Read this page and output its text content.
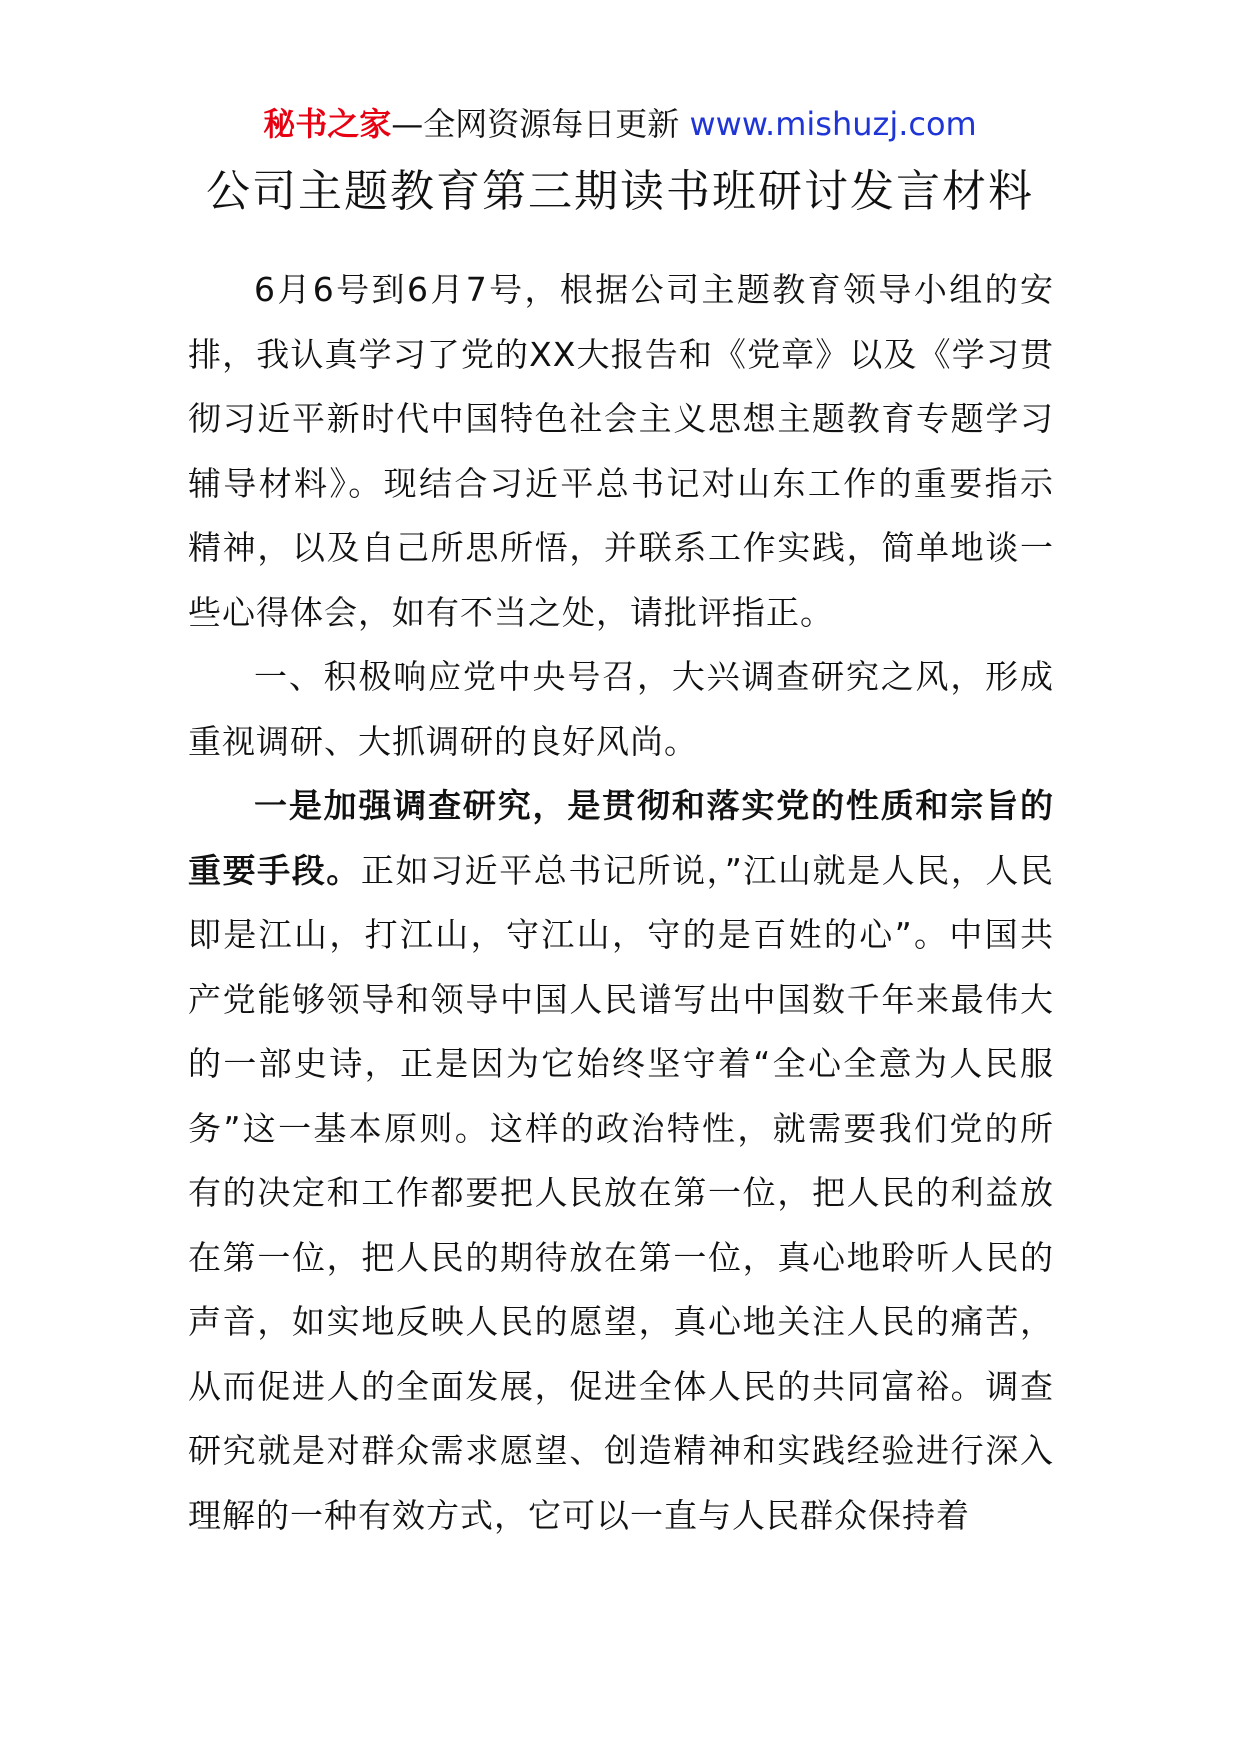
秘书之家—全网资源每日更新 www.mishuzj.com
公司主题教育第三期读书班研讨发言材料

6月6号到6月7号，根据公司主题教育领导小组的安排，我认真学习了党的XX大报告和《党章》以及《学习贯彻习近平新时代中国特色社会主义思想主题教育专题学习辅导材料》。现结合习近平总书记对山东工作的重要指示精神，以及自己所思所悟，并联系工作实践，简单地谈一些心得体会，如有不当之处，请批评指正。

一、积极响应党中央号召，大兴调查研究之风，形成重视调研、大抓调研的良好风尚。

一是加强调查研究，是贯彻和落实党的性质和宗旨的重要手段。正如习近平总书记所说，”江山就是人民，人民即是江山，打江山，守江山，守的是百姓的心”。中国共产党能够领导和领导中国人民谱写出中国数千年来最伟大的一部史诗，正是因为它始终坚守着“全心全意为人民服务”这一基本原则。这样的政治特性，就需要我们党的所有的决定和工作都要把人民放在第一位，把人民的利益放在第一位，把人民的期待放在第一位，真心地聆听人民的声音，如实地反映人民的愿望，真心地关注人民的痛苦，从而促进人的全面发展，促进全体人民的共同富裕。调查研究就是对群众需求愿望、创造精神和实践经验进行深入理解的一种有效方式，它可以一直与人民群众保持着
